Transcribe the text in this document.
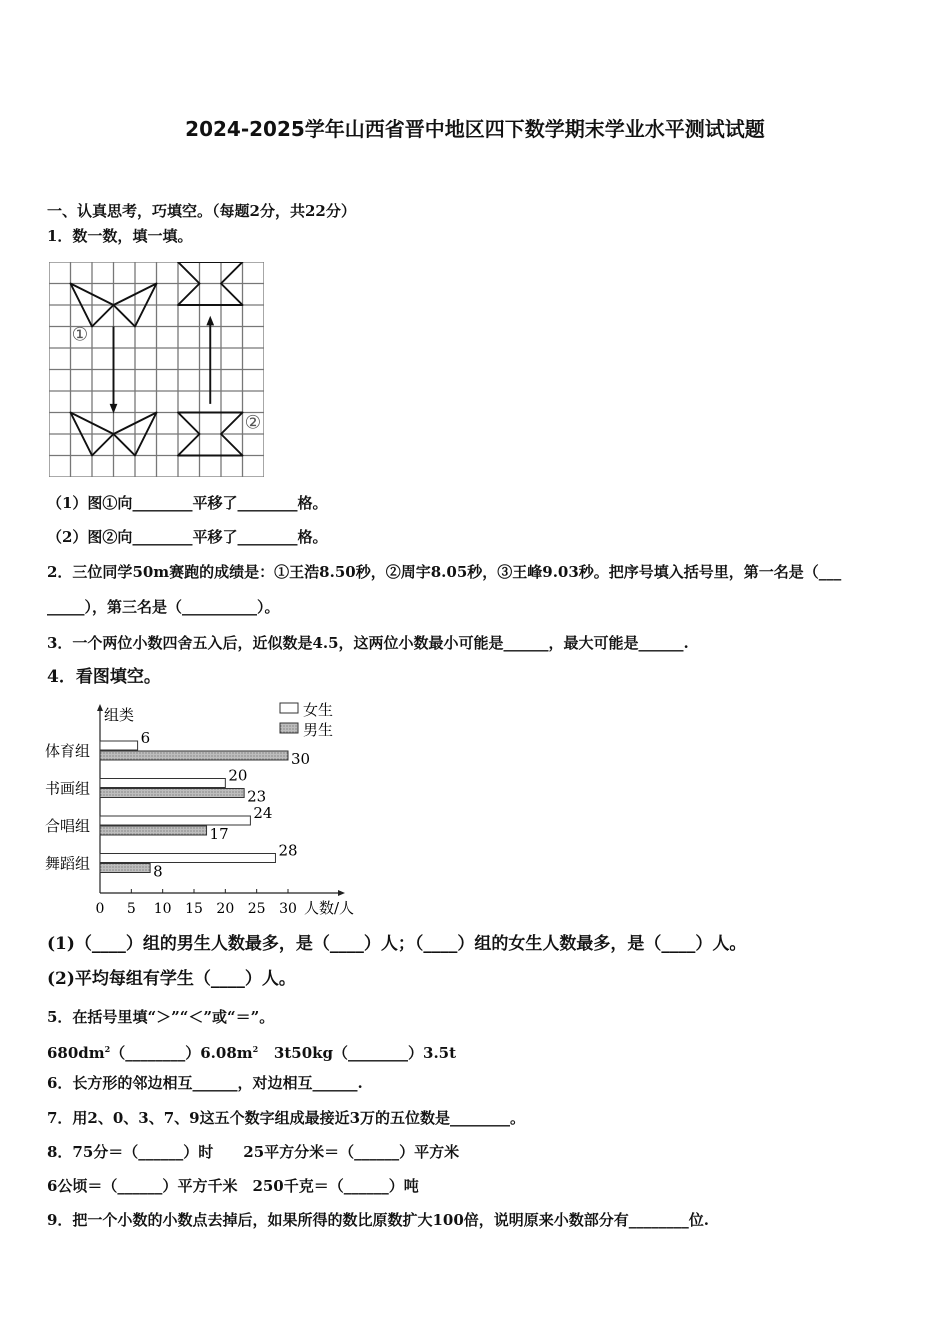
2024-2025学年山西省晋中地区四下数学期末学业水平测试试题
一、认真思考，巧填空。（每题2分，共22分）
1．数一数，填一填。
（1）图①向________平移了________格。
（2）图②向________平移了________格。
2．三位同学50m赛跑的成绩是：①王浩8.50秒，②周宇8.05秒，③王峰9.03秒。把序号填入括号里，第一名是（___
_____），第三名是（__________）。
3．一个两位小数四舍五入后，近似数是4.5，这两位小数最小可能是______，最大可能是______.
4．看图填空。
组类
人数/人
0 5 10 15 20 25 30
体育组
6
30
书画组
20
23
合唱组
24
17
舞蹈组
28
8
女生
男生
(1)（____）组的男生人数最多，是（____）人；（____）组的女生人数最多，是（____）人。
(2)平均每组有学生（____）人。
5．在括号里填“＞”“＜”或“＝”。
$680dm^2(\_\_\_\_\_\_\_\_)6.08m^2$ 3t50kg（________）3.5t
6．长方形的邻边相互______，对边相互______.
7．用2、0、3、7、9这五个数字组成最接近3万的五位数是________。
8．75分＝（______）时　　25平方分米＝（______）平方米
6公顷＝（______）平方千米　250千克＝（______）吨
9．把一个小数的小数点去掉后，如果所得的数比原数扩大100倍，说明原来小数部分有________位.
